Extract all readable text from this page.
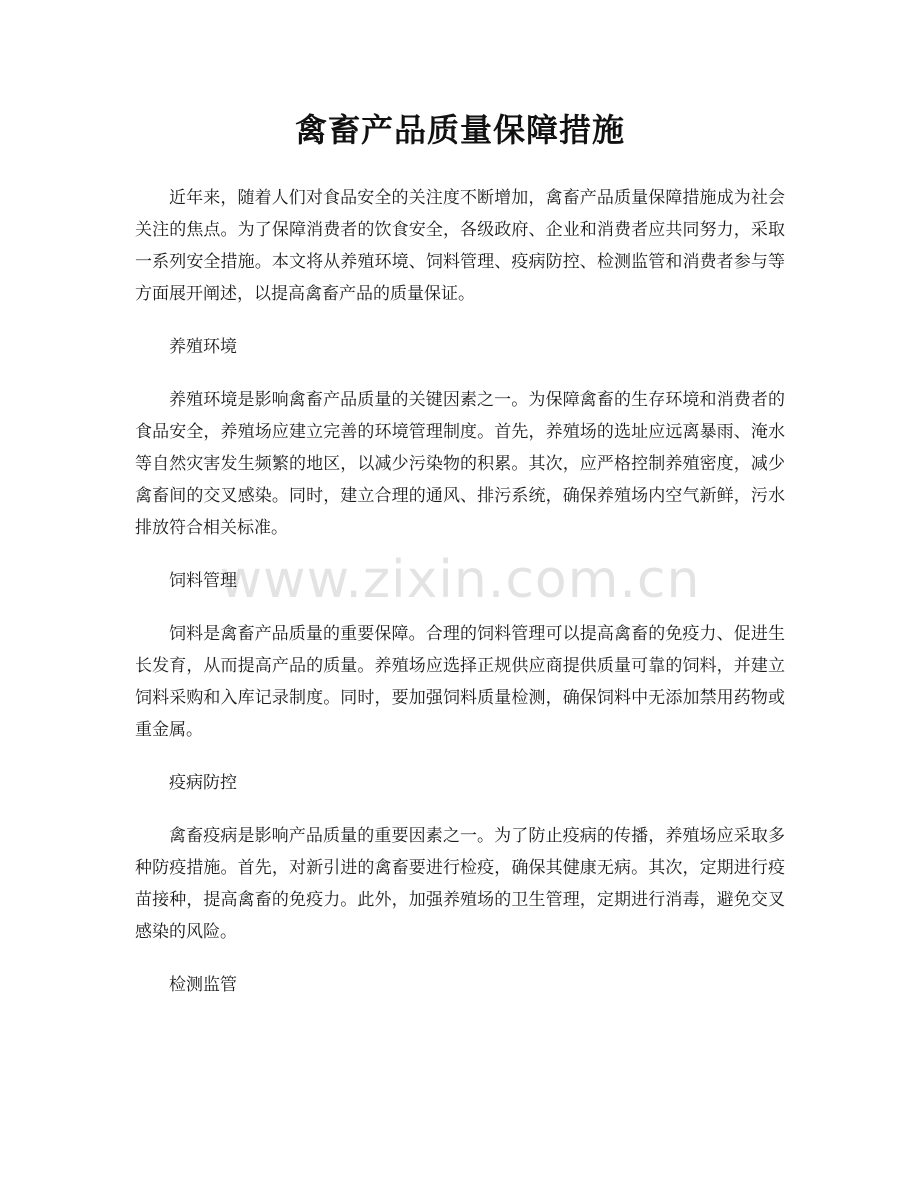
禽畜产品质量保障措施

近年来，随着人们对食品安全的关注度不断增加，禽畜产品质量保障措施成为社会关注的焦点。为了保障消费者的饮食安全，各级政府、企业和消费者应共同努力，采取一系列安全措施。本文将从养殖环境、饲料管理、疫病防控、检测监管和消费者参与等方面展开阐述，以提高禽畜产品的质量保证。

养殖环境

养殖环境是影响禽畜产品质量的关键因素之一。为保障禽畜的生存环境和消费者的食品安全，养殖场应建立完善的环境管理制度。首先，养殖场的选址应远离暴雨、淹水等自然灾害发生频繁的地区，以减少污染物的积累。其次，应严格控制养殖密度，减少禽畜间的交叉感染。同时，建立合理的通风、排污系统，确保养殖场内空气新鲜，污水排放符合相关标准。

饲料管理

饲料是禽畜产品质量的重要保障。合理的饲料管理可以提高禽畜的免疫力、促进生长发育，从而提高产品的质量。养殖场应选择正规供应商提供质量可靠的饲料，并建立饲料采购和入库记录制度。同时，要加强饲料质量检测，确保饲料中无添加禁用药物或重金属。

疫病防控

禽畜疫病是影响产品质量的重要因素之一。为了防止疫病的传播，养殖场应采取多种防疫措施。首先，对新引进的禽畜要进行检疫，确保其健康无病。其次，定期进行疫苗接种，提高禽畜的免疫力。此外，加强养殖场的卫生管理，定期进行消毒，避免交叉感染的风险。

检测监管

www.zixin.com.cn
